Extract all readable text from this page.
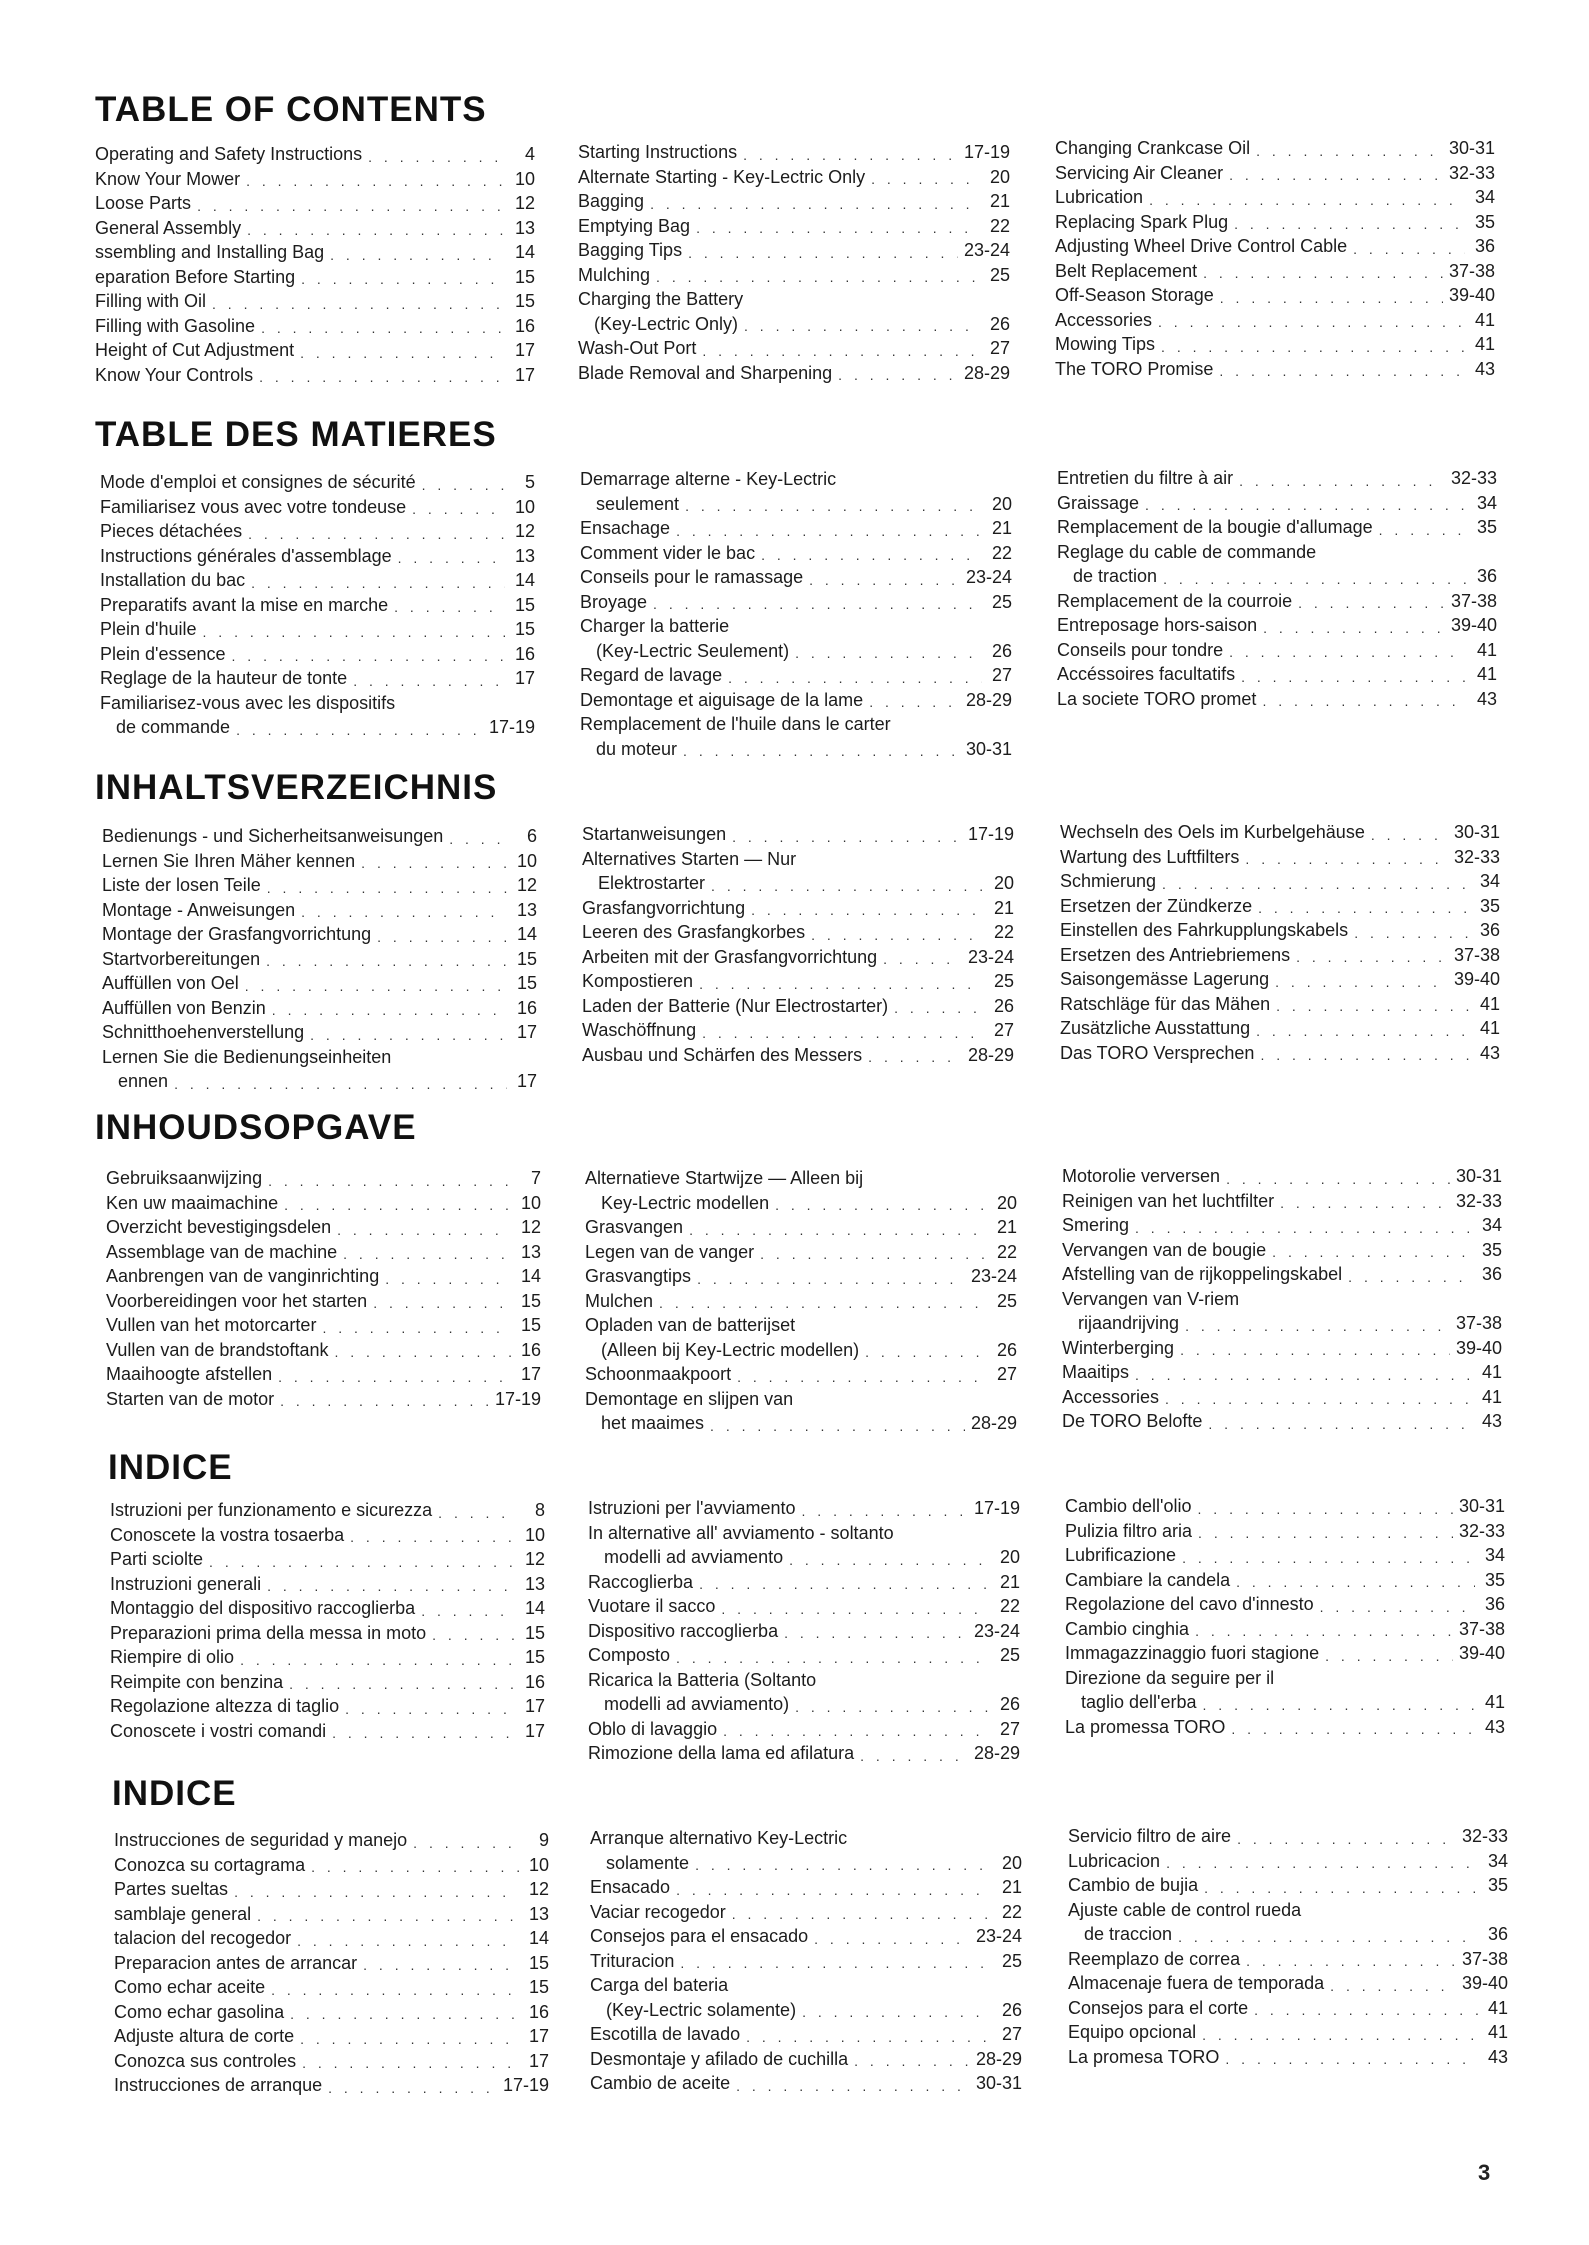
TABLE OF CONTENTS
Operating and Safety Instructions . . .	4
Know Your Mower . . .	10
Loose Parts . . .	12
General Assembly . . .	13
ssembling and Installing Bag . . .	14
eparation Before Starting . . .	15
Filling with Oil . . .	15
Filling with Gasoline . . .	16
Height of Cut Adjustment . . .	17
Know Your Controls . . .	17
Starting Instructions . . .	17-19
Alternate Starting - Key-Lectric Only . . .	20
Bagging . . .	21
Emptying Bag . . .	22
Bagging Tips . . .	23-24
Mulching . . .	25
Charging the Battery
(Key-Lectric Only) . . .	26
Wash-Out Port . . .	27
Blade Removal and Sharpening . . .	28-29
Changing Crankcase Oil . . .	30-31
Servicing Air Cleaner . . .	32-33
Lubrication . . .	34
Replacing Spark Plug . . .	35
Adjusting Wheel Drive Control Cable . . .	36
Belt Replacement . . .	37-38
Off-Season Storage . . .	39-40
Accessories . . .	41
Mowing Tips . . .	41
The TORO Promise . . .	43
TABLE DES MATIERES
Mode d'emploi et consignes de sécurité . . .	5
Familiarisez vous avec votre tondeuse . . .	10
Pieces détachées . . .	12
Instructions générales d'assemblage . . .	13
Installation du bac . . .	14
Preparatifs avant la mise en marche . . .	15
Plein d'huile . . .	15
Plein d'essence . . .	16
Reglage de la hauteur de tonte . . .	17
Familiarisez-vous avec les dispositifs
de commande . . .	17-19
Demarrage alterne - Key-Lectric
seulement . . .	20
Ensachage . . .	21
Comment vider le bac . . .	22
Conseils pour le ramassage . . .	23-24
Broyage . . .	25
Charger la batterie
(Key-Lectric Seulement) . . .	26
Regard de lavage . . .	27
Demontage et aiguisage de la lame . . .	28-29
Remplacement de l'huile dans le carter
du moteur . . .	30-31
Entretien du filtre à air . . .	32-33
Graissage . . .	34
Remplacement de la bougie d'allumage . . .	35
Reglage du cable de commande
de traction . . .	36
Remplacement de la courroie . . .	37-38
Entreposage hors-saison . . .	39-40
Conseils pour tondre . . .	41
Accéssoires facultatifs . . .	41
La societe TORO promet . . .	43
INHALTSVERZEICHNIS
Bedienungs - und Sicherheitsanweisungen . . .	6
Lernen Sie Ihren Mäher kennen . . .	10
Liste der losen Teile . . .	12
Montage - Anweisungen . . .	13
Montage der Grasfangvorrichtung . . .	14
Startvorbereitungen . . .	15
Auffüllen von Oel . . .	15
Auffüllen von Benzin . . .	16
Schnitthoehenverstellung . . .	17
Lernen Sie die Bedienungseinheiten
ennen . . .	17
Startanweisungen . . .	17-19
Alternatives Starten — Nur
Elektrostarter . . .	20
Grasfangvorrichtung . . .	21
Leeren des Grasfangkorbes . . .	22
Arbeiten mit der Grasfangvorrichtung . . .	23-24
Kompostieren . . .	25
Laden der Batterie (Nur Electrostarter) . . .	26
Waschöffnung . . .	27
Ausbau und Schärfen des Messers . . .	28-29
Wechseln des Oels im Kurbelgehäuse . . .	30-31
Wartung des Luftfilters . . .	32-33
Schmierung . . .	34
Ersetzen der Zündkerze . . .	35
Einstellen des Fahrkupplungskabels . . .	36
Ersetzen des Antriebriemens . . .	37-38
Saisongemässe Lagerung . . .	39-40
Ratschläge für das Mähen . . .	41
Zusätzliche Ausstattung . . .	41
Das TORO Versprechen . . .	43
INHOUDSOPGAVE
Gebruiksaanwijzing . . .	7
Ken uw maaimachine . . .	10
Overzicht bevestigingsdelen . . .	12
Assemblage van de machine . . .	13
Aanbrengen van de vanginrichting . . .	14
Voorbereidingen voor het starten . . .	15
Vullen van het motorcarter . . .	15
Vullen van de brandstoftank . . .	16
Maaihoogte afstellen . . .	17
Starten van de motor . . .	17-19
Alternatieve Startwijze — Alleen bij
Key-Lectric modellen . . .	20
Grasvangen . . .	21
Legen van de vanger . . .	22
Grasvangtips . . .	23-24
Mulchen . . .	25
Opladen van de batterijset
(Alleen bij Key-Lectric modellen) . . .	26
Schoonmaakpoort . . .	27
Demontage en slijpen van
het maaimes . . .	28-29
Motorolie verversen . . .	30-31
Reinigen van het luchtfilter . . .	32-33
Smering . . .	34
Vervangen van de bougie . . .	35
Afstelling van de rijkoppelingskabel . . .	36
Vervangen van V-riem
rijaandrijving . . .	37-38
Winterberging . . .	39-40
Maaitips . . .	41
Accessories . . .	41
De TORO Belofte . . .	43
INDICE
Istruzioni per funzionamento e sicurezza . . .	8
Conoscete la vostra tosaerba . . .	10
Parti sciolte . . .	12
Instruzioni generali . . .	13
Montaggio del dispositivo raccoglierba . . .	14
Preparazioni prima della messa in moto . . .	15
Riempire di olio . . .	15
Reimpite con benzina . . .	16
Regolazione altezza di taglio . . .	17
Conoscete i vostri comandi . . .	17
Istruzioni per l'avviamento . . .	17-19
In alternative all' avviamento - soltanto
modelli ad avviamento . . .	20
Raccoglierba . . .	21
Vuotare il sacco . . .	22
Dispositivo raccoglierba . . .	23-24
Composto . . .	25
Ricarica la Batteria (Soltanto
modelli ad avviamento) . . .	26
Oblo di lavaggio . . .	27
Rimozione della lama ed afilatura . . .	28-29
Cambio dell'olio . . .	30-31
Pulizia filtro aria . . .	32-33
Lubrificazione . . .	34
Cambiare la candela . . .	35
Regolazione del cavo d'innesto . . .	36
Cambio cinghia . . .	37-38
Immagazzinaggio fuori stagione . . .	39-40
Direzione da seguire per il
taglio dell'erba . . .	41
La promessa TORO . . .	43
INDICE
Instrucciones de seguridad y manejo . . .	9
Conozca su cortagrama . . .	10
Partes sueltas . . .	12
samblaje general . . .	13
talacion del recogedor . . .	14
Preparacion antes de arrancar . . .	15
Como echar aceite . . .	15
Como echar gasolina . . .	16
Adjuste altura de corte . . .	17
Conozca sus controles . . .	17
Instrucciones de arranque . . .	17-19
Arranque alternativo Key-Lectric
solamente . . .	20
Ensacado . . .	21
Vaciar recogedor . . .	22
Consejos para el ensacado . . .	23-24
Trituracion . . .	25
Carga del bateria
(Key-Lectric solamente) . . .	26
Escotilla de lavado . . .	27
Desmontaje y afilado de cuchilla . . .	28-29
Cambio de aceite . . .	30-31
Servicio filtro de aire . . .	32-33
Lubricacion . . .	34
Cambio de bujia . . .	35
Ajuste cable de control rueda
de traccion . . .	36
Reemplazo de correa . . .	37-38
Almacenaje fuera de temporada . . .	39-40
Consejos para el corte . . .	41
Equipo opcional . . .	41
La promesa TORO . . .	43
3
